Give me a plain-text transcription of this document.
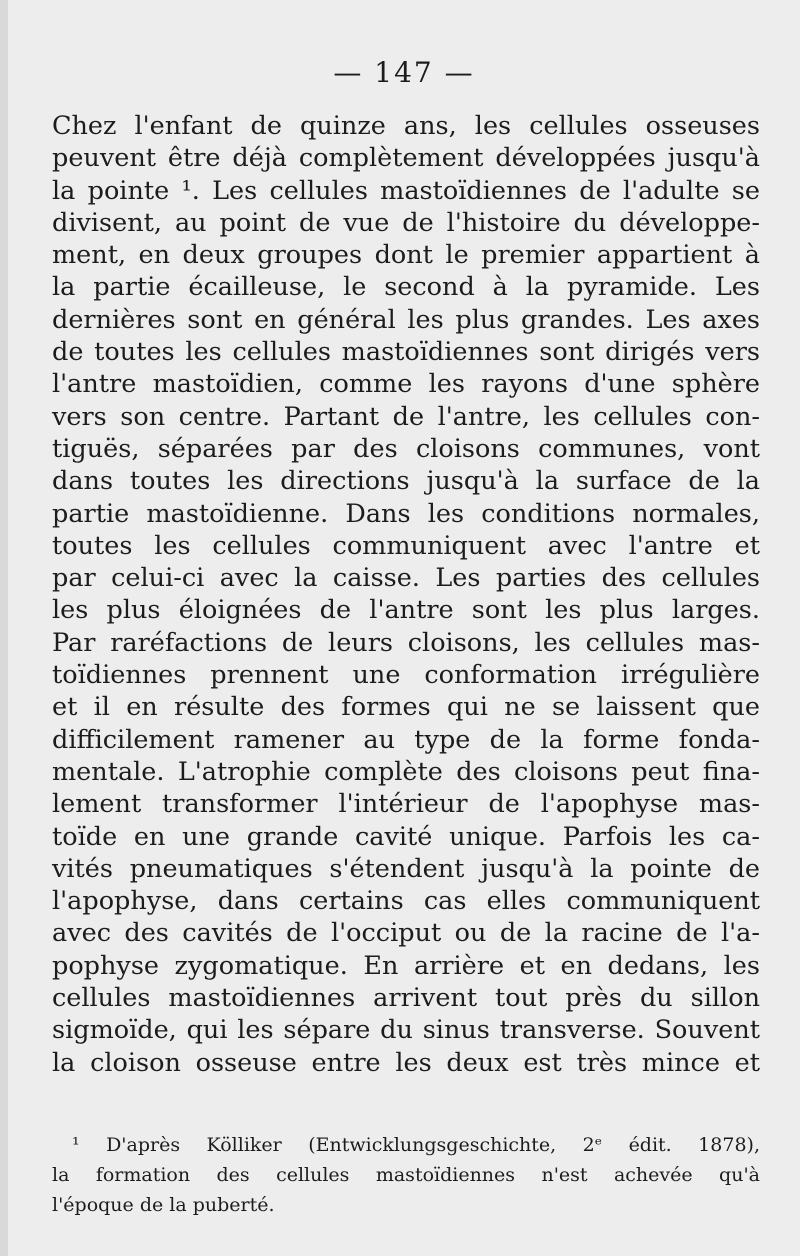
— 147 —
Chez l'enfant de quinze ans, les cellules osseuses
peuvent être déjà complètement développées jusqu'à
la pointe ¹. Les cellules mastoïdiennes de l'adulte se
divisent, au point de vue de l'histoire du développe-
ment, en deux groupes dont le premier appartient à
la partie écailleuse, le second à la pyramide. Les
dernières sont en général les plus grandes. Les axes
de toutes les cellules mastoïdiennes sont dirigés vers
l'antre mastoïdien, comme les rayons d'une sphère
vers son centre. Partant de l'antre, les cellules con-
tiguës, séparées par des cloisons communes, vont
dans toutes les directions jusqu'à la surface de la
partie mastoïdienne. Dans les conditions normales,
toutes les cellules communiquent avec l'antre et
par celui-ci avec la caisse. Les parties des cellules
les plus éloignées de l'antre sont les plus larges.
Par raréfactions de leurs cloisons, les cellules mas-
toïdiennes prennent une conformation irrégulière
et il en résulte des formes qui ne se laissent que
difficilement ramener au type de la forme fonda-
mentale. L'atrophie complète des cloisons peut fina-
lement transformer l'intérieur de l'apophyse mas-
toïde en une grande cavité unique. Parfois les ca-
vités pneumatiques s'étendent jusqu'à la pointe de
l'apophyse, dans certains cas elles communiquent
avec des cavités de l'occiput ou de la racine de l'a-
pophyse zygomatique. En arrière et en dedans, les
cellules mastoïdiennes arrivent tout près du sillon
sigmoïde, qui les sépare du sinus transverse. Souvent
la cloison osseuse entre les deux est très mince et
¹ D'après Kölliker (Entwicklungsgeschichte, 2ᵉ édit. 1878),
la formation des cellules mastoïdiennes n'est achevée qu'à
l'époque de la puberté.
